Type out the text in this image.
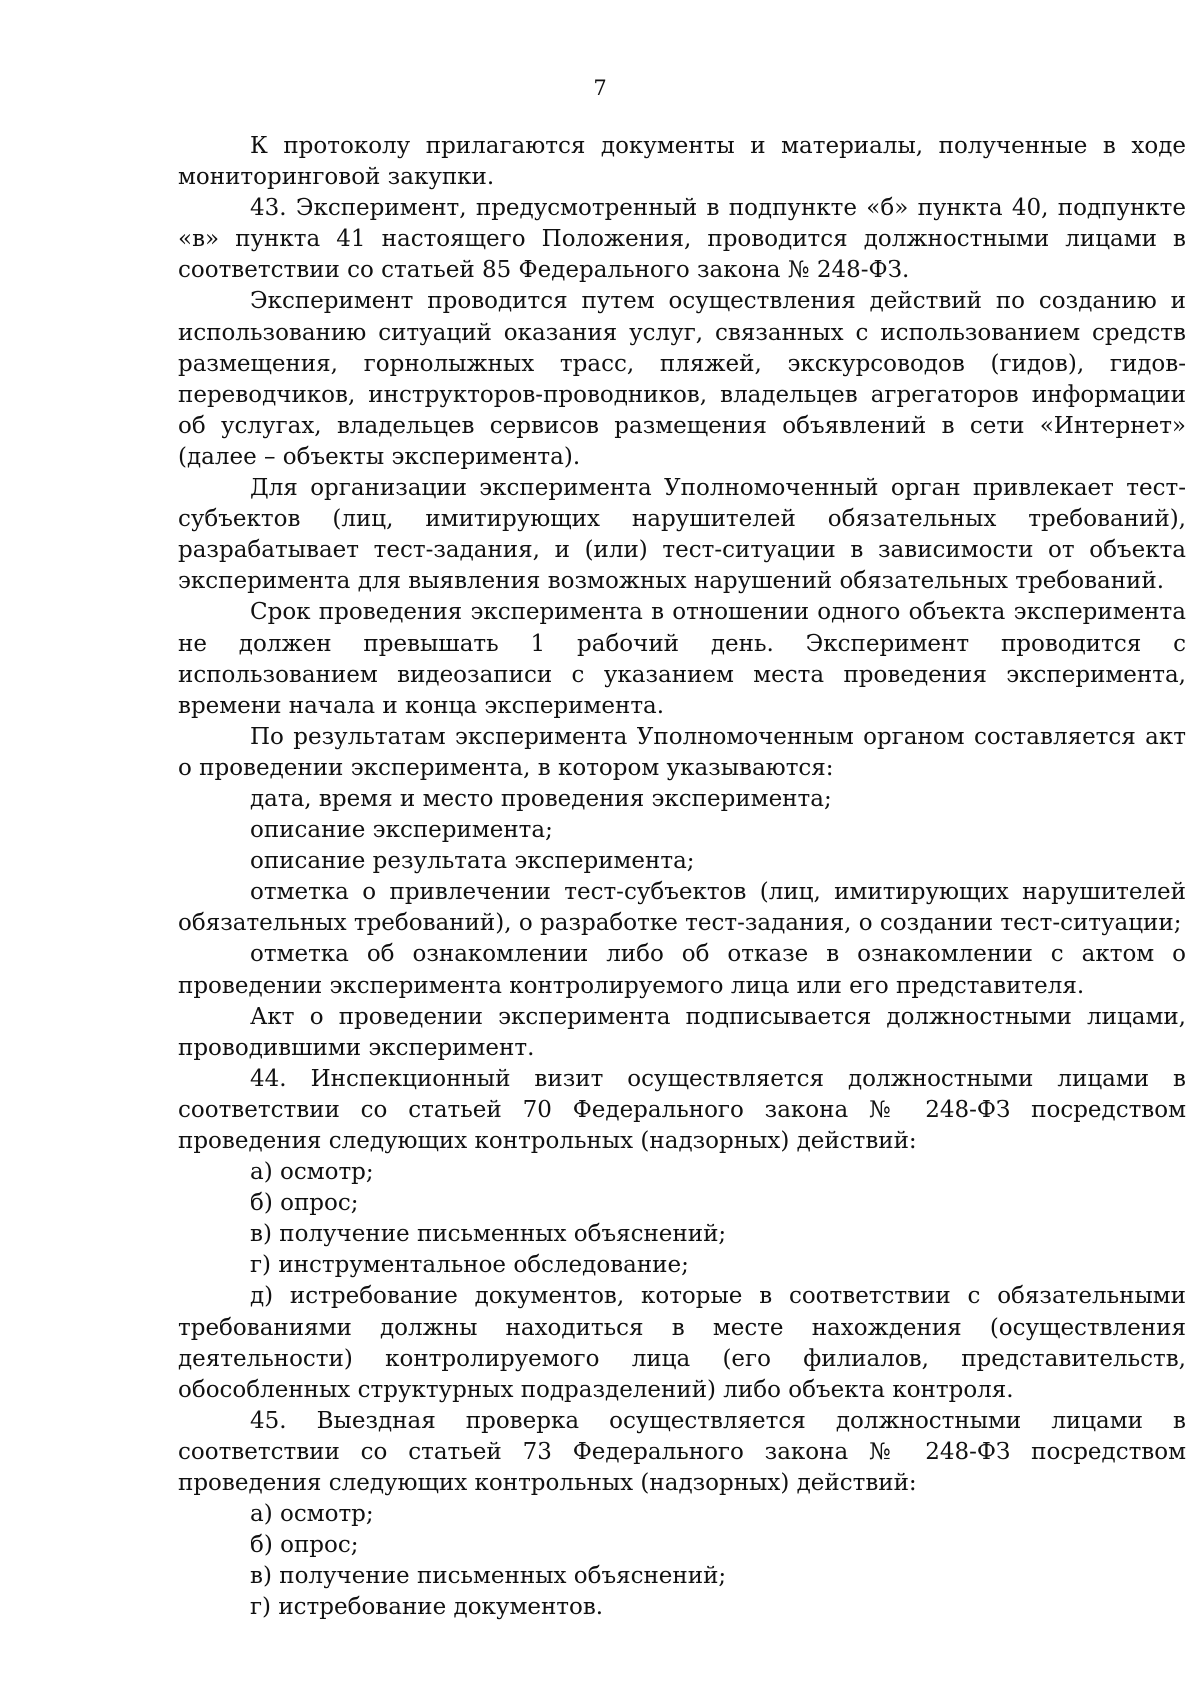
7

К протоколу прилагаются документы и материалы, полученные в ходе мониторинговой закупки.

43. Эксперимент, предусмотренный в подпункте «б» пункта 40, подпункте «в» пункта 41 настоящего Положения, проводится должностными лицами в соответствии со статьей 85 Федерального закона № 248-ФЗ.

Эксперимент проводится путем осуществления действий по созданию и использованию ситуаций оказания услуг, связанных с использованием средств размещения, горнолыжных трасс, пляжей, экскурсоводов (гидов), гидов-переводчиков, инструкторов-проводников, владельцев агрегаторов информации об услугах, владельцев сервисов размещения объявлений в сети «Интернет» (далее – объекты эксперимента).

Для организации эксперимента Уполномоченный орган привлекает тест-субъектов (лиц, имитирующих нарушителей обязательных требований), разрабатывает тест-задания, и (или) тест-ситуации в зависимости от объекта эксперимента для выявления возможных нарушений обязательных требований.

Срок проведения эксперимента в отношении одного объекта эксперимента не должен превышать 1 рабочий день. Эксперимент проводится с использованием видеозаписи с указанием места проведения эксперимента, времени начала и конца эксперимента.

По результатам эксперимента Уполномоченным органом составляется акт о проведении эксперимента, в котором указываются:

дата, время и место проведения эксперимента;

описание эксперимента;

описание результата эксперимента;

отметка о привлечении тест-субъектов (лиц, имитирующих нарушителей обязательных требований), о разработке тест-задания, о создании тест-ситуации;

отметка об ознакомлении либо об отказе в ознакомлении с актом о проведении эксперимента контролируемого лица или его представителя.

Акт о проведении эксперимента подписывается должностными лицами, проводившими эксперимент.

44. Инспекционный визит осуществляется должностными лицами в соответствии со статьей 70 Федерального закона № 248-ФЗ посредством проведения следующих контрольных (надзорных) действий:

а) осмотр;

б) опрос;

в) получение письменных объяснений;

г) инструментальное обследование;

д) истребование документов, которые в соответствии с обязательными требованиями должны находиться в месте нахождения (осуществления деятельности) контролируемого лица (его филиалов, представительств, обособленных структурных подразделений) либо объекта контроля.

45. Выездная проверка осуществляется должностными лицами в соответствии со статьей 73 Федерального закона № 248-ФЗ посредством проведения следующих контрольных (надзорных) действий:

а) осмотр;

б) опрос;

в) получение письменных объяснений;

г) истребование документов.
